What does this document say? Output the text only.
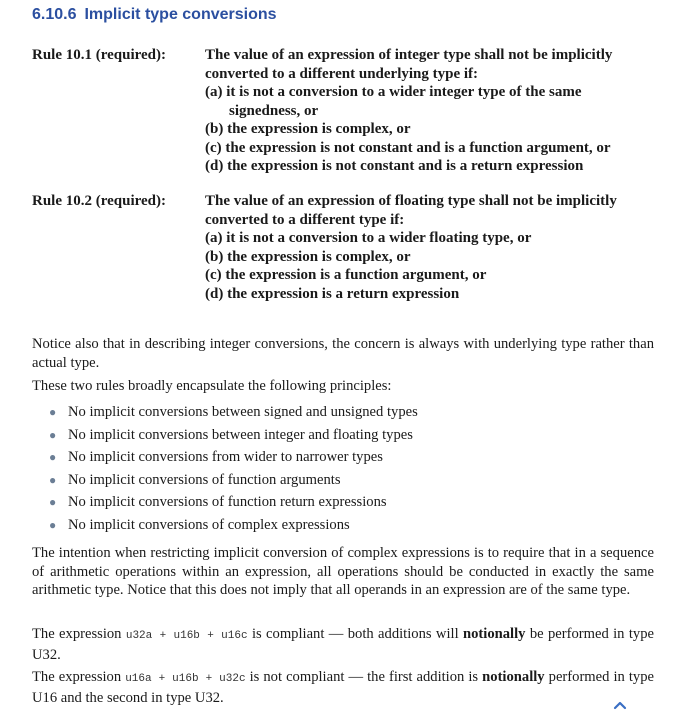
6.10.6 Implicit type conversions
Rule 10.1 (required):	The value of an expression of integer type shall not be implicitly
converted to a different underlying type if:
(a) it is not a conversion to a wider integer type of the same
signedness, or
(b) the expression is complex, or
(c) the expression is not constant and is a function argument, or
(d) the expression is not constant and is a return expression
Rule 10.2 (required):	The value of an expression of floating type shall not be implicitly
converted to a different type if:
(a) it is not a conversion to a wider floating type, or
(b) the expression is complex, or
(c) the expression is a function argument, or
(d) the expression is a return expression

Notice also that in describing integer conversions, the concern is always with underlying type rather than actual type.

These two rules broadly encapsulate the following principles:

● No implicit conversions between signed and unsigned types
● No implicit conversions between integer and floating types
● No implicit conversions from wider to narrower types
● No implicit conversions of function arguments
● No implicit conversions of function return expressions
● No implicit conversions of complex expressions

The intention when restricting implicit conversion of complex expressions is to require that in a sequence of arithmetic operations within an expression, all operations should be conducted in exactly the same arithmetic type. Notice that this does not imply that all operands in an expression are of the same type.

The expression u32a + u16b + u16c is compliant — both additions will notionally be performed in type U32.

The expression u16a + u16b + u32c is not compliant — the first addition is notionally performed in type U16 and the second in type U32.
